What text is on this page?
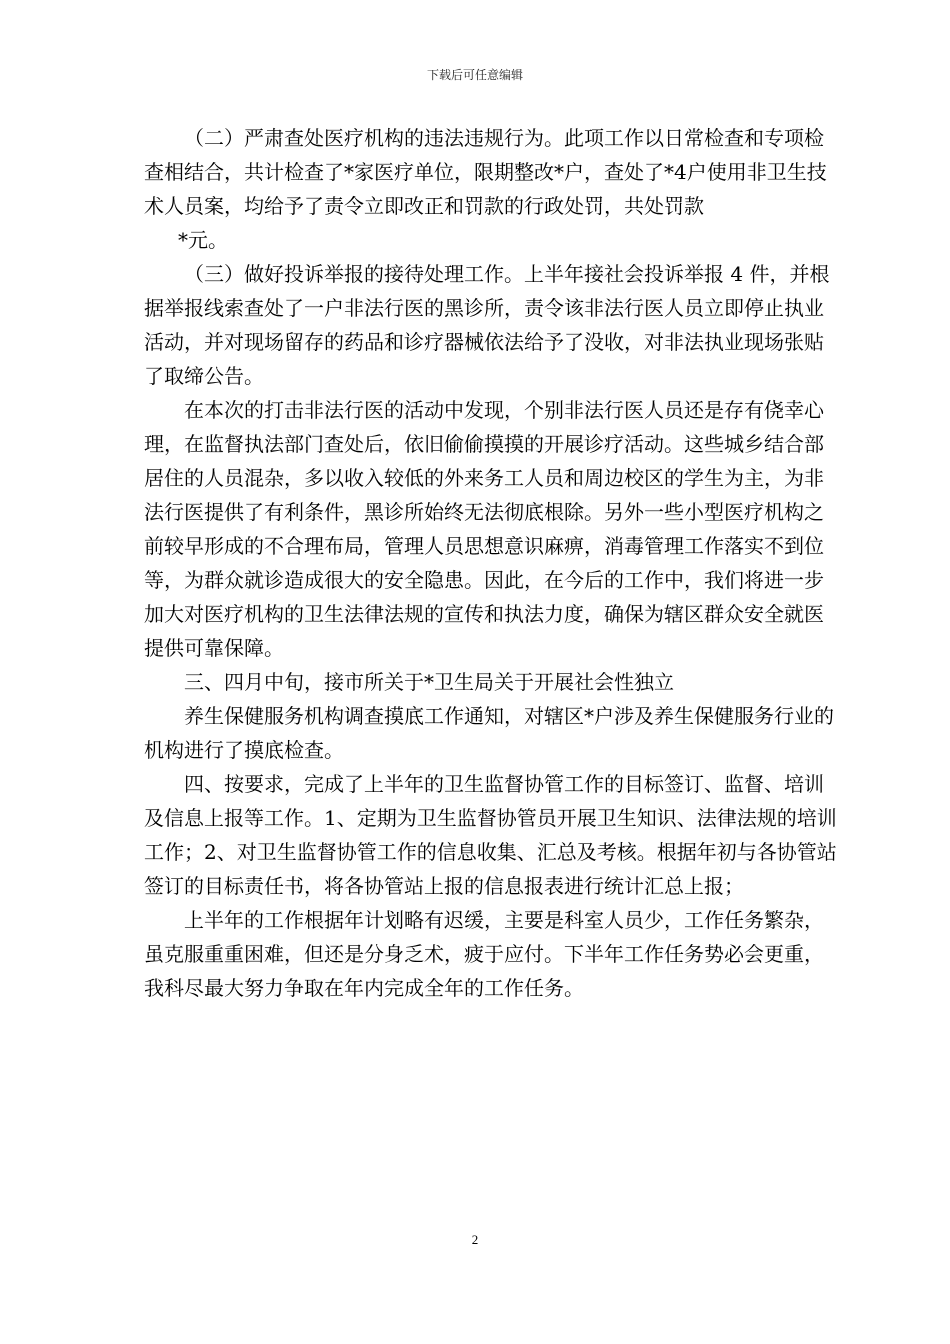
下载后可任意编辑
（二）严肃查处医疗机构的违法违规行为。此项工作以日常检查和专项检
查相结合，共计检查了*家医疗单位，限期整改*户，查处了*4户使用非卫生技
术人员案，均给予了责令立即改正和罚款的行政处罚，共处罚款
*元。
（三）做好投诉举报的接待处理工作。上半年接社会投诉举报 4 件，并根
据举报线索查处了一户非法行医的黑诊所，责令该非法行医人员立即停止执业
活动，并对现场留存的药品和诊疗器械依法给予了没收，对非法执业现场张贴
了取缔公告。
在本次的打击非法行医的活动中发现，个别非法行医人员还是存有侥幸心
理，在监督执法部门查处后，依旧偷偷摸摸的开展诊疗活动。这些城乡结合部
居住的人员混杂，多以收入较低的外来务工人员和周边校区的学生为主，为非
法行医提供了有利条件，黑诊所始终无法彻底根除。另外一些小型医疗机构之
前较早形成的不合理布局，管理人员思想意识麻痹，消毒管理工作落实不到位
等，为群众就诊造成很大的安全隐患。因此，在今后的工作中，我们将进一步
加大对医疗机构的卫生法律法规的宣传和执法力度，确保为辖区群众安全就医
提供可靠保障。
三、四月中旬，接市所关于*卫生局关于开展社会性独立
养生保健服务机构调查摸底工作通知，对辖区*户涉及养生保健服务行业的
机构进行了摸底检查。
四、按要求，完成了上半年的卫生监督协管工作的目标签订、监督、培训
及信息上报等工作。1、定期为卫生监督协管员开展卫生知识、法律法规的培训
工作；2、对卫生监督协管工作的信息收集、汇总及考核。根据年初与各协管站
签订的目标责任书，将各协管站上报的信息报表进行统计汇总上报；
上半年的工作根据年计划略有迟缓，主要是科室人员少，工作任务繁杂，
虽克服重重困难，但还是分身乏术，疲于应付。下半年工作任务势必会更重，
我科尽最大努力争取在年内完成全年的工作任务。
2
